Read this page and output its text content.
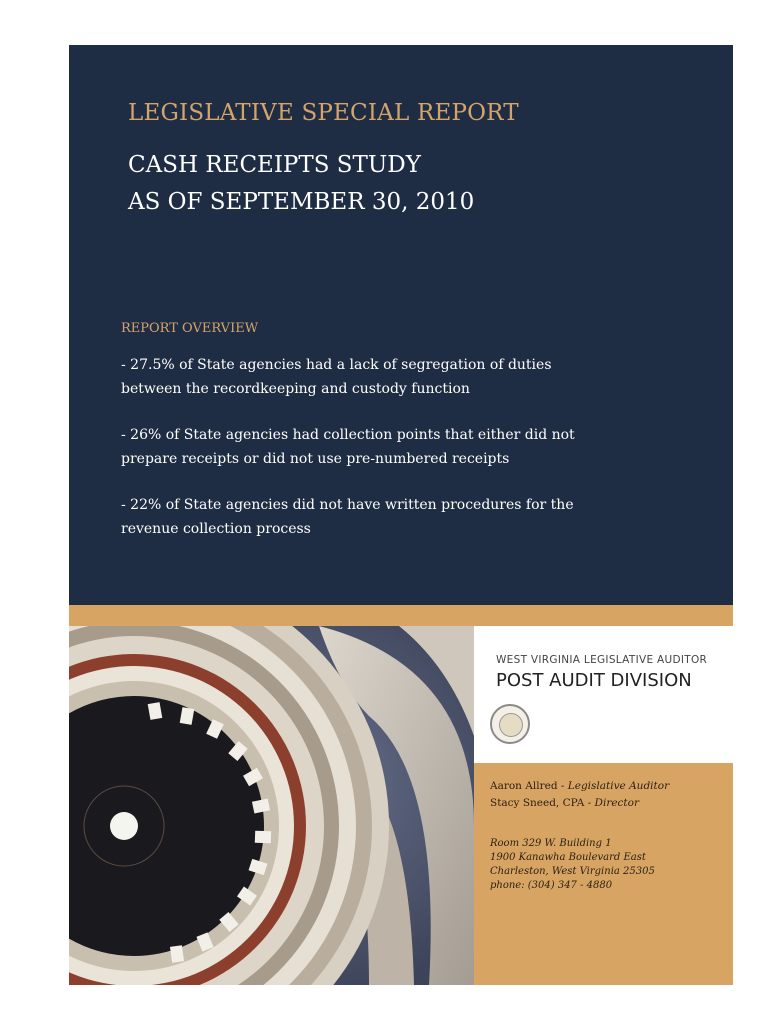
LEGISLATIVE SPECIAL REPORT
CASH RECEIPTS STUDY
AS OF SEPTEMBER 30, 2010
REPORT OVERVIEW
- 27.5% of State agencies had a lack of segregation of duties
between the recordkeeping and custody function
- 26% of State agencies had collection points that either did not
prepare receipts or did not use pre-numbered receipts
- 22% of State agencies did not have written procedures for the
revenue collection process
WEST VIRGINIA LEGISLATIVE AUDITOR
POST AUDIT DIVISION
Aaron Allred - Legislative Auditor
Stacy Sneed, CPA - Director
Room 329 W. Building 1
1900 Kanawha Boulevard East
Charleston, West Virginia 25305
phone: (304) 347 - 4880
